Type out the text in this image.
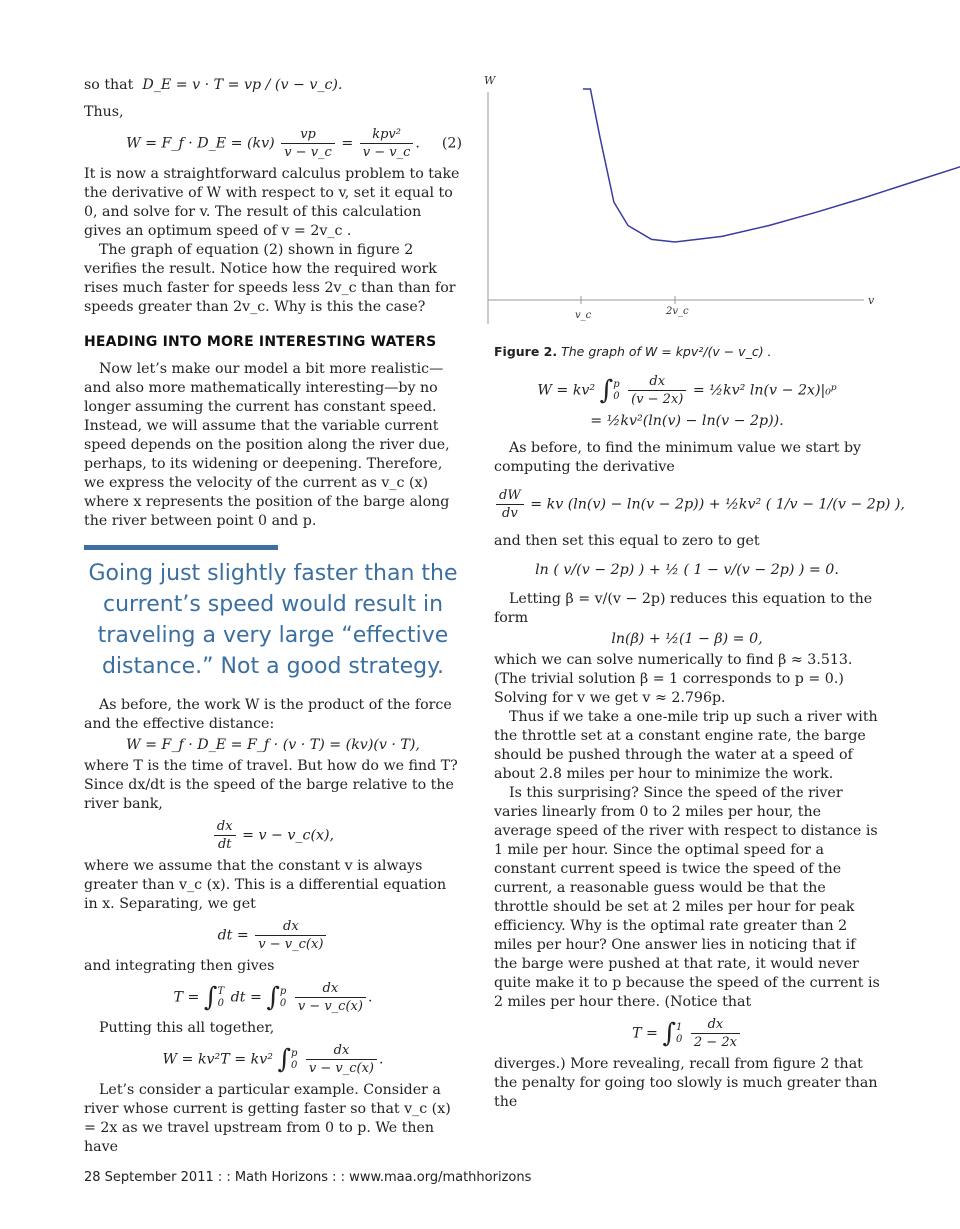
so that D_E = v · T = vp / (v − v_c).

Thus,

W = F_f · D_E = $(kv) \frac{vp}{v - v\_c} = \frac{\text{kpv²}}{v - v\_c}$ . (2)

It is now a straightforward calculus problem to take the derivative of W with respect to v, set it equal to 0, and solve for v. The result of this calculation gives an optimum speed of v = 2v_c .

The graph of equation (2) shown in figure 2 verifies the result. Notice how the required work rises much faster for speeds less 2v_c than than for speeds greater than 2v_c. Why is this the case?

HEADING INTO MORE INTERESTING WATERS

Now let’s make our model a bit more realistic—and also more mathematically interesting—by no longer assuming the current has constant speed. Instead, we will assume that the variable current speed depends on the position along the river due, perhaps, to its widening or deepening. Therefore, we express the velocity of the current as v_c (x) where x represents the position of the barge along the river between point 0 and p.

Going just slightly faster than the current’s speed would result in traveling a very large “effective distance.” Not a good strategy.

As before, the work W is the product of the force and the effective distance:

W = F_f · D_E = F_f · (v · T) = (kv)(v · T),

where T is the time of travel. But how do we find T? Since dx/dt is the speed of the barge relative to the river bank,

$\frac{dx}{dt} = v$ − v_c(x),

where we assume that the constant v is always greater than v_c (x). This is a differential equation in x. Separating, we get

dt = $\frac{dx}{v - v\_c(x)}$

and integrating then gives

T = ∫ T
0 dt = ∫ p
0
$\frac{dx}{v - v\_c(x)}$ .

Putting this all together,

W = kv²T = kv² ∫ p
0
$\frac{dx}{v - v\_c(x)}$ .

Let’s consider a particular example. Consider a river whose current is getting faster so that v_c (x) = 2x as we travel upstream from 0 to p. We then have

W
v
v_c	2v_c
Figure 2. The graph of W = kpv²/(v − v_c) .
W = kv² ∫ p
0
$\frac{dx}{(v - 2x)}$ = ½kv² ln(v − 2x)|₀ᵖ
= ½kv²(ln(v) − ln(v − 2p)).

As before, to find the minimum value we start by computing the derivative

$\frac{dW}{dv}$ = kv (ln(v) − ln(v − 2p)) + ½kv² ( 1/v − 1/(v − 2p) ),

and then set this equal to zero to get

ln ( v/(v − 2p) ) + ½ ( 1 − v/(v − 2p) ) = 0.

Letting β = v/(v − 2p) reduces this equation to the form

ln(β) + ½(1 − β) = 0,

which we can solve numerically to find β ≈ 3.513. (The trivial solution β = 1 corresponds to p = 0.) Solving for v we get v ≈ 2.796p.

Thus if we take a one-mile trip up such a river with the throttle set at a constant engine rate, the barge should be pushed through the water at a speed of about 2.8 miles per hour to minimize the work.

Is this surprising? Since the speed of the river varies linearly from 0 to 2 miles per hour, the average speed of the river with respect to distance is 1 mile per hour. Since the optimal speed for a constant current speed is twice the speed of the current, a reasonable guess would be that the throttle should be set at 2 miles per hour for peak efficiency. Why is the optimal rate greater than 2 miles per hour? One answer lies in noticing that if the barge were pushed at that rate, it would never quite make it to p because the speed of the current is 2 miles per hour there. (Notice that

T = ∫ 1
0
$\frac{dx}{2 - 2x}$

diverges.) More revealing, recall from figure 2 that the penalty for going too slowly is much greater than the

28 September 2011 : : Math Horizons : : www.maa.org/mathhorizons
